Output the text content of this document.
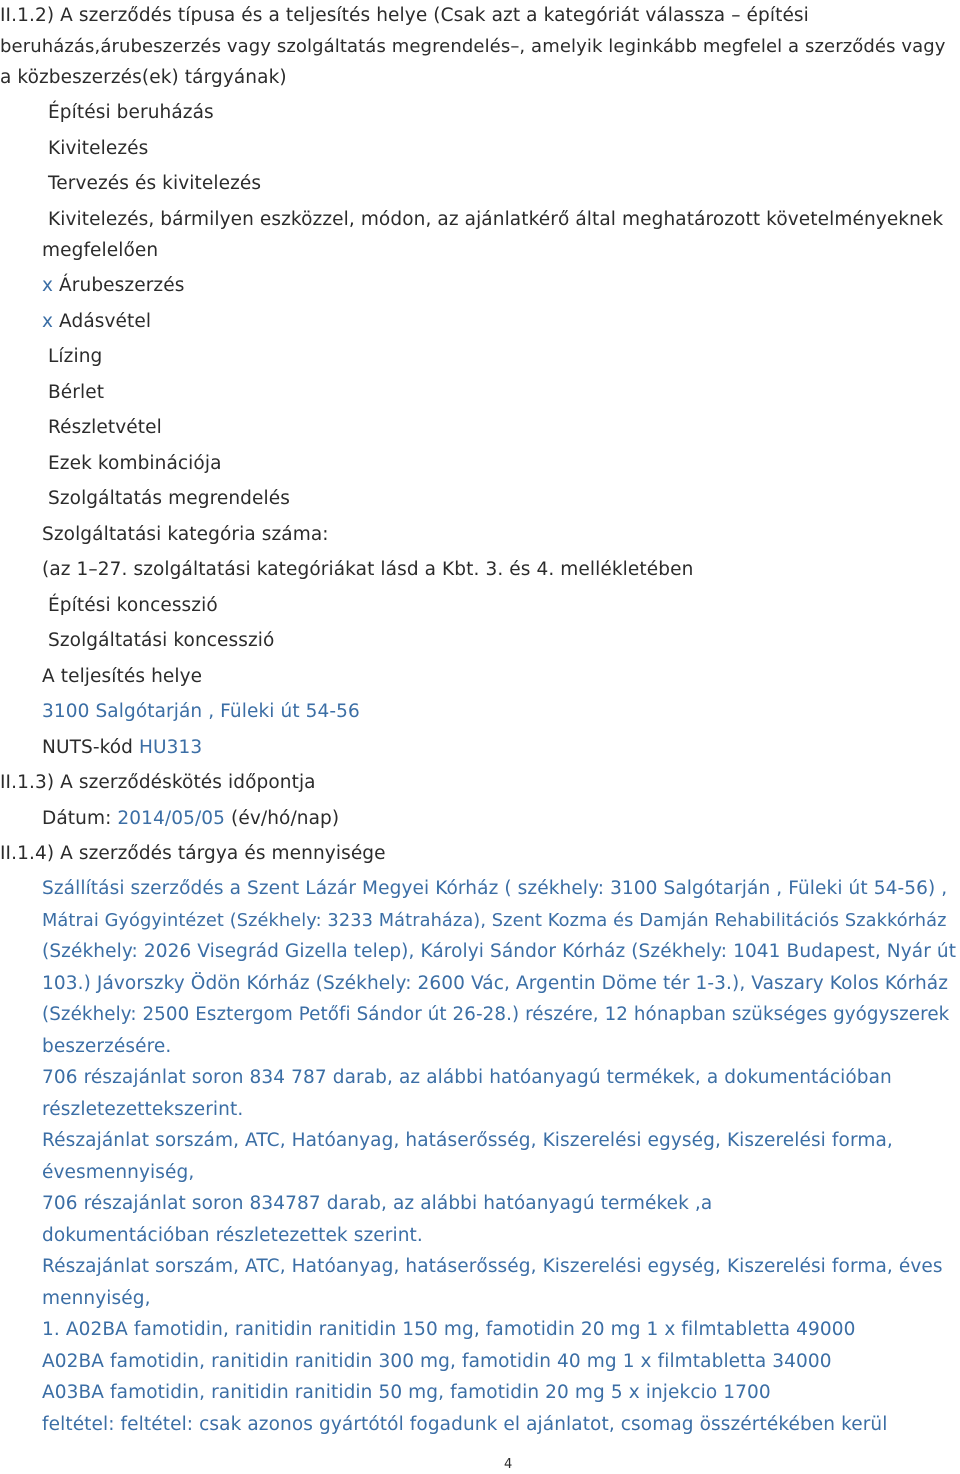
II.1.2) A szerződés típusa és a teljesítés helye (Csak azt a kategóriát válassza – építési
beruházás,árubeszerzés vagy szolgáltatás megrendelés–, amelyik leginkább megfelel a szerződés vagy
a közbeszerzés(ek) tárgyának)
Építési beruházás
Kivitelezés
Tervezés és kivitelezés
Kivitelezés, bármilyen eszközzel, módon, az ajánlatkérő által meghatározott követelményeknek
megfelelően
x Árubeszerzés
x Adásvétel
Lízing
Bérlet
Részletvétel
Ezek kombinációja
Szolgáltatás megrendelés
Szolgáltatási kategória száma:
(az 1–27. szolgáltatási kategóriákat lásd a Kbt. 3. és 4. mellékletében
Építési koncesszió
Szolgáltatási koncesszió
A teljesítés helye
3100 Salgótarján , Füleki út 54-56
NUTS-kód HU313
II.1.3) A szerződéskötés időpontja
Dátum: 2014/05/05 (év/hó/nap)
II.1.4) A szerződés tárgya és mennyisége
Szállítási szerződés a Szent Lázár Megyei Kórház ( székhely: 3100 Salgótarján , Füleki út 54-56) ,
Mátrai Gyógyintézet (Székhely: 3233 Mátraháza), Szent Kozma és Damján Rehabilitációs Szakkórház
(Székhely: 2026 Visegrád Gizella telep), Károlyi Sándor Kórház (Székhely: 1041 Budapest, Nyár út
103.) Jávorszky Ödön Kórház (Székhely: 2600 Vác, Argentin Döme tér 1-3.), Vaszary Kolos Kórház
(Székhely: 2500 Esztergom Petőfi Sándor út 26-28.) részére, 12 hónapban szükséges gyógyszerek
beszerzésére.
706 részajánlat soron 834 787 darab, az alábbi hatóanyagú termékek, a dokumentációban
részletezettekszerint.
Részajánlat sorszám, ATC, Hatóanyag, hatáserősség, Kiszerelési egység, Kiszerelési forma,
évesmennyiség,
706 részajánlat soron 834787 darab, az alábbi hatóanyagú termékek ,a
dokumentációban részletezettek szerint.
Részajánlat sorszám, ATC, Hatóanyag, hatáserősség, Kiszerelési egység, Kiszerelési forma, éves
mennyiség,
1. A02BA famotidin, ranitidin ranitidin 150 mg, famotidin 20 mg 1 x filmtabletta 49000
A02BA famotidin, ranitidin ranitidin 300 mg, famotidin 40 mg 1 x filmtabletta 34000
A03BA famotidin, ranitidin ranitidin 50 mg, famotidin 20 mg 5 x injekcio 1700
feltétel: feltétel: csak azonos gyártótól fogadunk el ajánlatot, csomag összértékében kerül
4
